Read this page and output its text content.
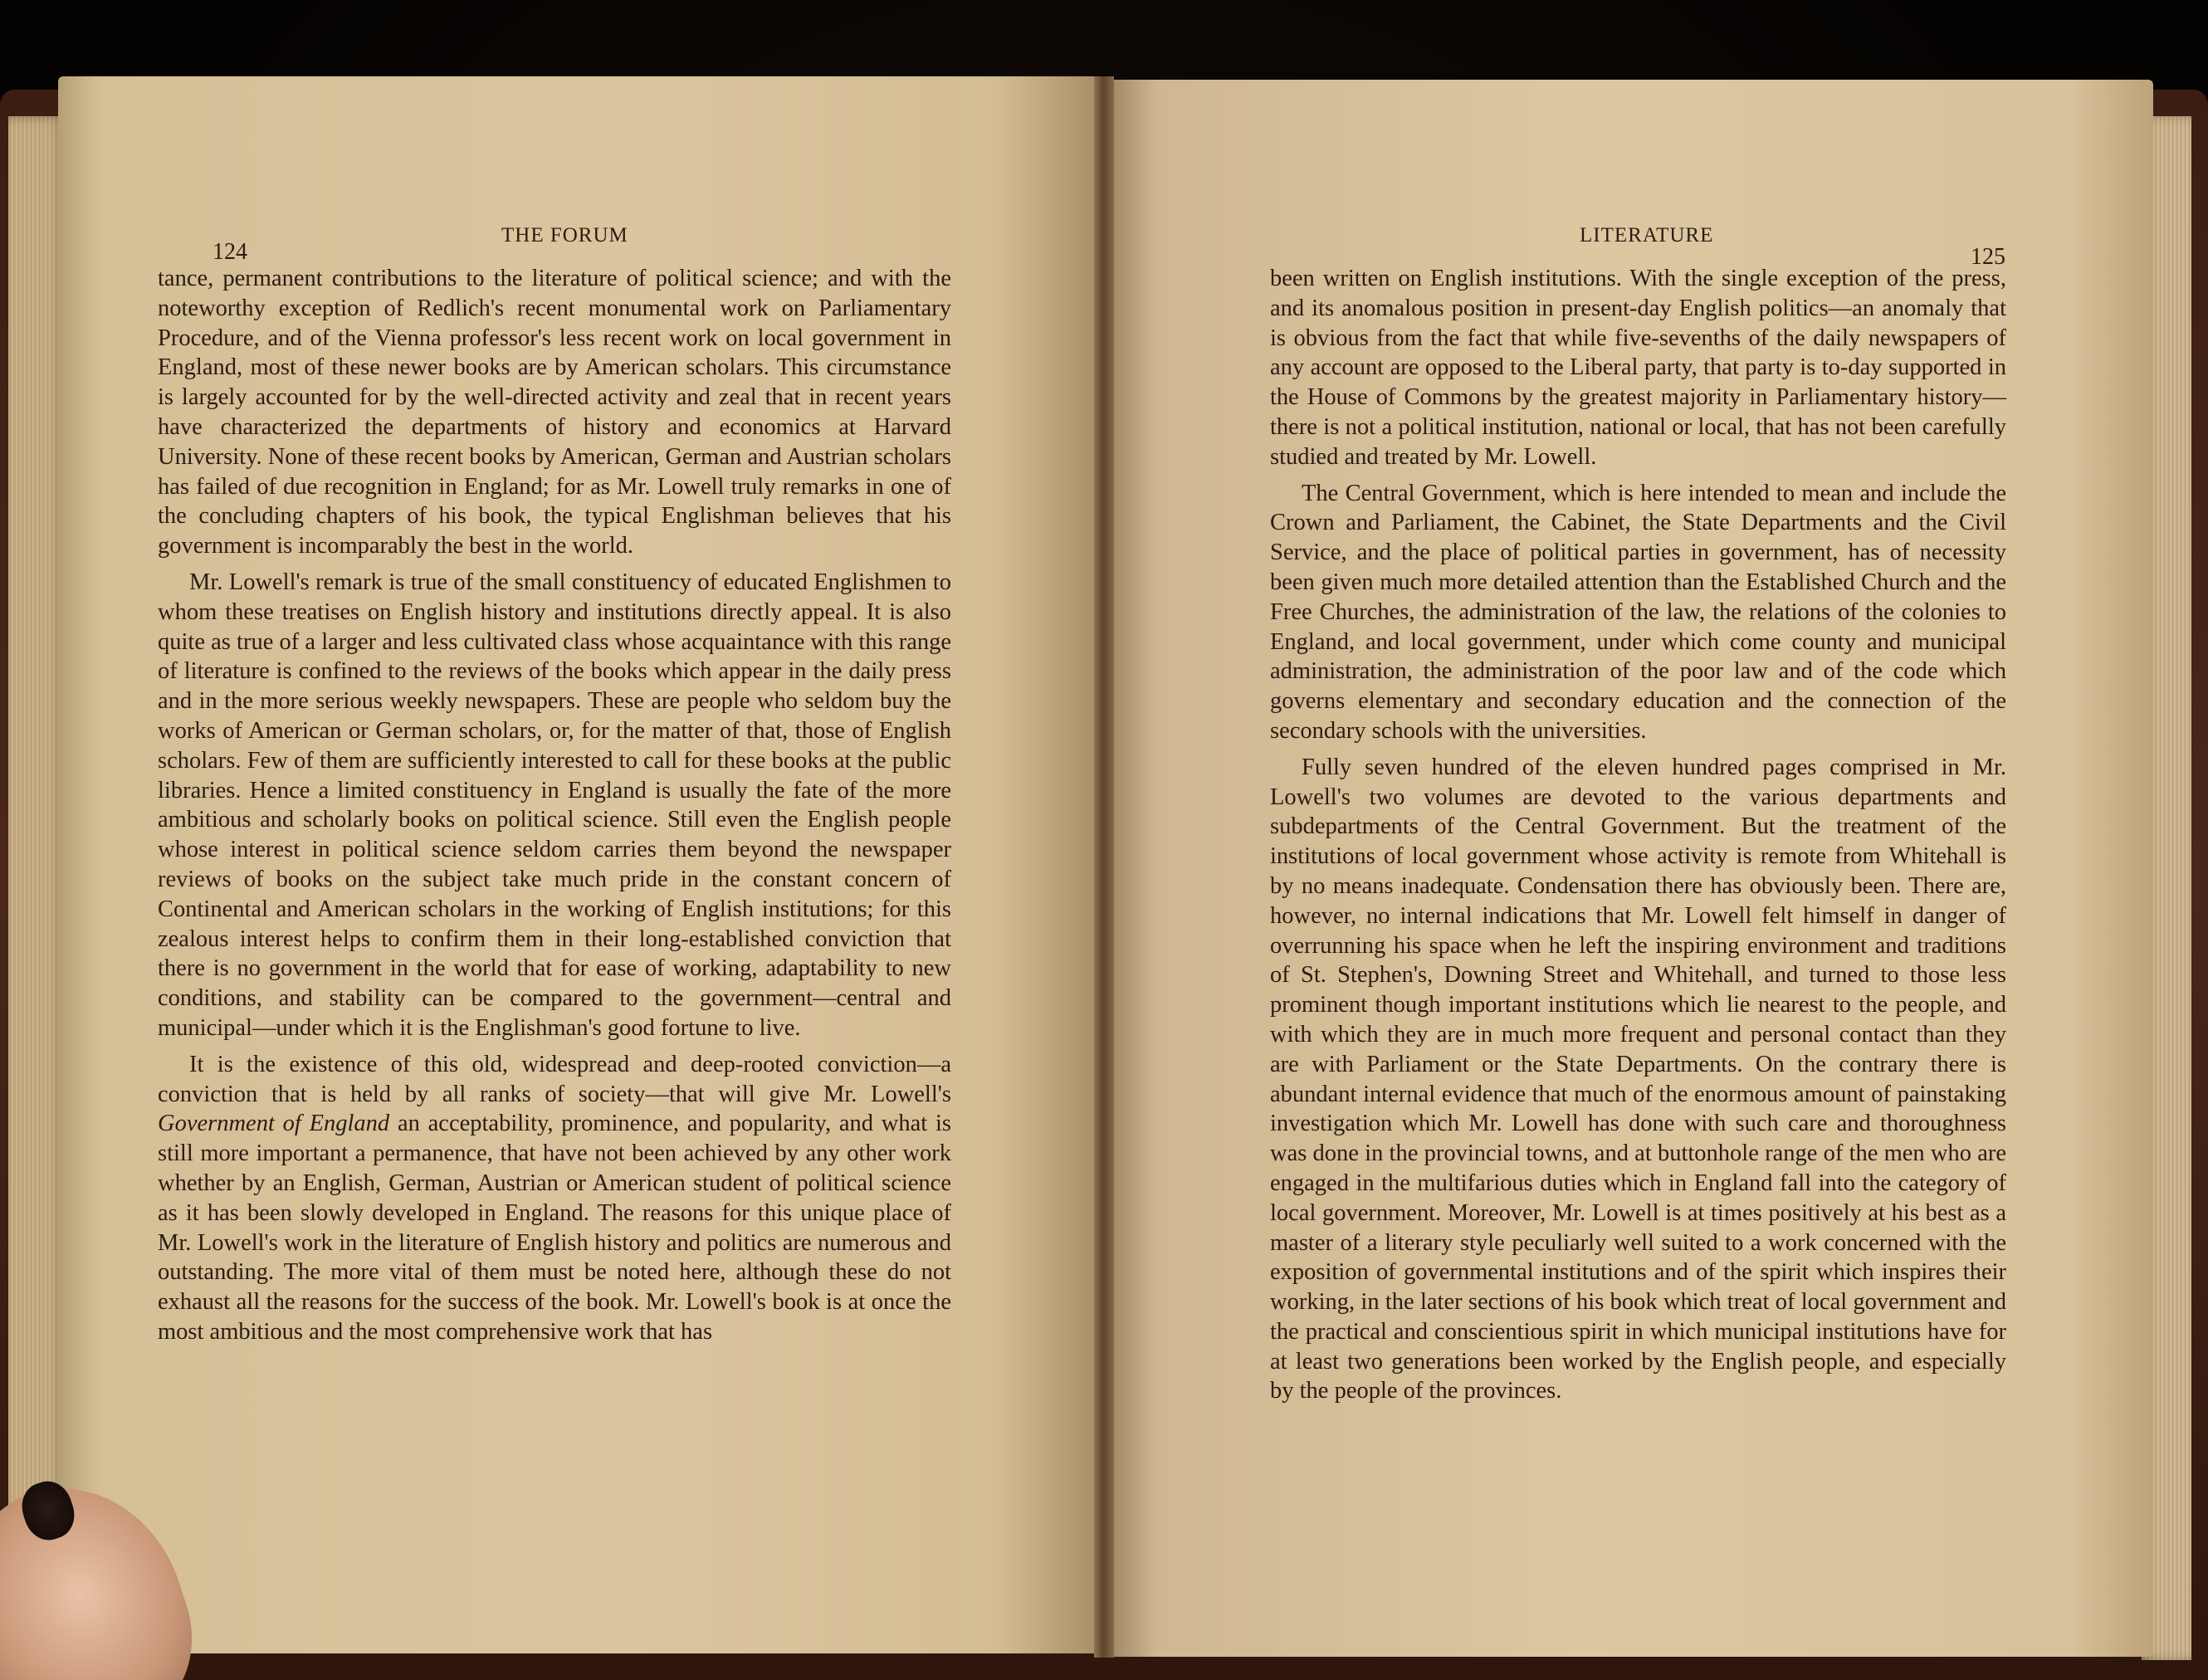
124
THE FORUM	LITERATURE
125

tance, permanent contributions to the literature of political science; and with the noteworthy exception of Redlich's recent monumental work on Parliamentary Procedure, and of the Vienna professor's less recent work on local government in England, most of these newer books are by American scholars. This circumstance is largely accounted for by the well-directed activity and zeal that in recent years have characterized the departments of history and economics at Harvard University. None of these recent books by American, German and Austrian scholars has failed of due recognition in England; for as Mr. Lowell truly remarks in one of the concluding chapters of his book, the typical Englishman believes that his government is incomparably the best in the world.

Mr. Lowell's remark is true of the small constituency of educated Englishmen to whom these treatises on English history and institutions directly appeal. It is also quite as true of a larger and less cultivated class whose acquaintance with this range of literature is confined to the reviews of the books which appear in the daily press and in the more serious weekly newspapers. These are people who seldom buy the works of American or German scholars, or, for the matter of that, those of English scholars. Few of them are sufficiently interested to call for these books at the public libraries. Hence a limited constituency in England is usually the fate of the more ambitious and scholarly books on political science. Still even the English people whose interest in political science seldom carries them beyond the newspaper reviews of books on the subject take much pride in the constant concern of Continental and American scholars in the working of English institutions; for this zealous interest helps to confirm them in their long-established conviction that there is no government in the world that for ease of working, adaptability to new conditions, and stability can be compared to the government—central and municipal—under which it is the Englishman's good fortune to live.

It is the existence of this old, widespread and deep-rooted conviction—a conviction that is held by all ranks of society—that will give Mr. Lowell's Government of England an acceptability, prominence, and popularity, and what is still more important a permanence, that have not been achieved by any other work whether by an English, German, Austrian or American student of political science as it has been slowly developed in England. The reasons for this unique place of Mr. Lowell's work in the literature of English history and politics are numerous and outstanding. The more vital of them must be noted here, although these do not exhaust all the reasons for the success of the book. Mr. Lowell's book is at once the most ambitious and the most comprehensive work that has

been written on English institutions. With the single exception of the press, and its anomalous position in present-day English politics—an anomaly that is obvious from the fact that while five-sevenths of the daily newspapers of any account are opposed to the Liberal party, that party is to-day supported in the House of Commons by the greatest majority in Parliamentary history—there is not a political institution, national or local, that has not been carefully studied and treated by Mr. Lowell.

The Central Government, which is here intended to mean and include the Crown and Parliament, the Cabinet, the State Departments and the Civil Service, and the place of political parties in government, has of necessity been given much more detailed attention than the Established Church and the Free Churches, the administration of the law, the relations of the colonies to England, and local government, under which come county and municipal administration, the administration of the poor law and of the code which governs elementary and secondary education and the connection of the secondary schools with the universities.

Fully seven hundred of the eleven hundred pages comprised in Mr. Lowell's two volumes are devoted to the various departments and subdepartments of the Central Government. But the treatment of the institutions of local government whose activity is remote from Whitehall is by no means inadequate. Condensation there has obviously been. There are, however, no internal indications that Mr. Lowell felt himself in danger of overrunning his space when he left the inspiring environment and traditions of St. Stephen's, Downing Street and Whitehall, and turned to those less prominent though important institutions which lie nearest to the people, and with which they are in much more frequent and personal contact than they are with Parliament or the State Departments. On the contrary there is abundant internal evidence that much of the enormous amount of painstaking investigation which Mr. Lowell has done with such care and thoroughness was done in the provincial towns, and at buttonhole range of the men who are engaged in the multifarious duties which in England fall into the category of local government. Moreover, Mr. Lowell is at times positively at his best as a master of a literary style peculiarly well suited to a work concerned with the exposition of governmental institutions and of the spirit which inspires their working, in the later sections of his book which treat of local government and the practical and conscientious spirit in which municipal institutions have for at least two generations been worked by the English people, and especially by the people of the provinces.
